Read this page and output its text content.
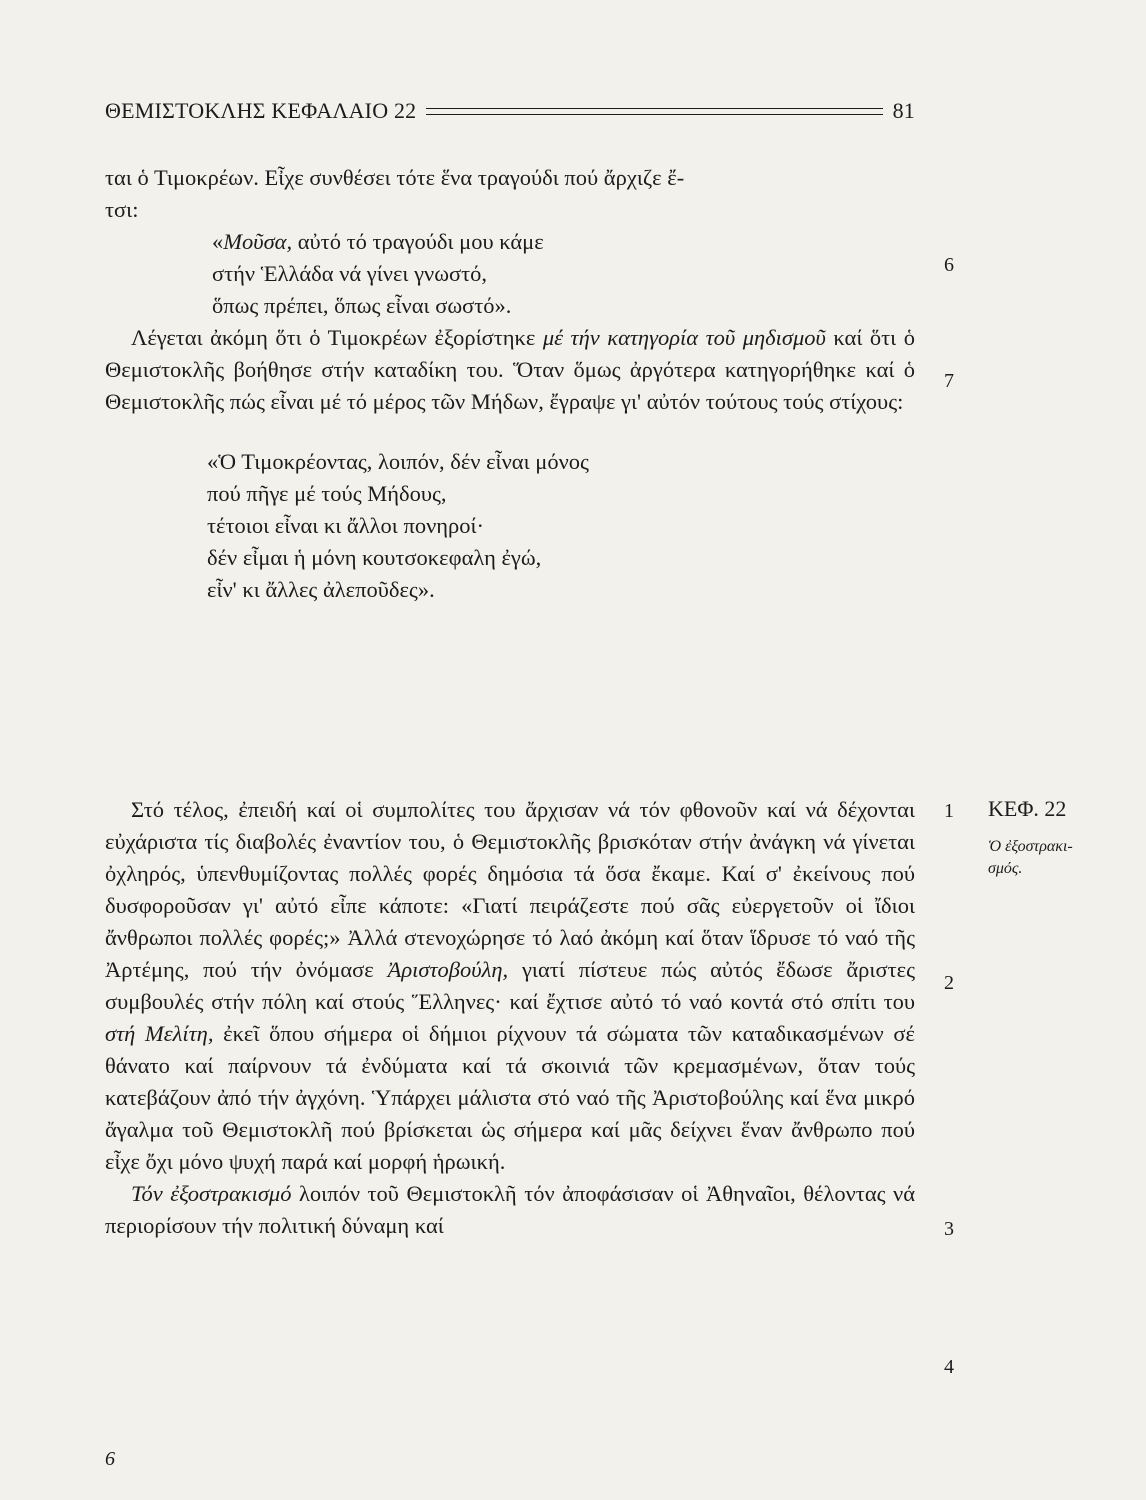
ΘΕΜΙΣΤΟΚΛΗΣ ΚΕΦΑΛΑΙΟ 22	81

ται ὁ Τιμοκρέων. Εἶχε συνθέσει τότε ἕνα τραγούδι πού ἄρχιζε ἔ-
τσι:

«Μοῦσα, αὐτό τό τραγούδι μου κάμε
στήν Ἑλλάδα νά γίνει γνωστό,
ὅπως πρέπει, ὅπως εἶναι σωστό».

Λέγεται ἀκόμη ὅτι ὁ Τιμοκρέων ἐξορίστηκε μέ τήν κατηγορία τοῦ μηδισμοῦ καί ὅτι ὁ Θεμιστοκλῆς βοήθησε στήν καταδίκη του. Ὅταν ὅμως ἀργότερα κατηγορήθηκε καί ὁ Θεμιστοκλῆς πώς εἶναι μέ τό μέρος τῶν Μήδων, ἔγραψε γι' αὐτόν τούτους τούς στίχους:

«Ὁ Τιμοκρέοντας, λοιπόν, δέν εἶναι μόνος
πού πῆγε μέ τούς Μήδους,
τέτοιοι εἶναι κι ἄλλοι πονηροί·
δέν εἶμαι ἡ μόνη κουτσοκεφαλη ἐγώ,
εἶν' κι ἄλλες ἀλεποῦδες».

Στό τέλος, ἐπειδή καί οἱ συμπολίτες του ἄρχισαν νά τόν φθονοῦν καί νά δέχονται εὐχάριστα τίς διαβολές ἐναντίον του, ὁ Θεμιστοκλῆς βρισκόταν στήν ἀνάγκη νά γίνεται ὀχληρός, ὑπενθυμίζοντας πολλές φορές δημόσια τά ὅσα ἔκαμε. Καί σ' ἐκείνους πού δυσφοροῦσαν γι' αὐτό εἶπε κάποτε: «Γιατί πειράζεστε πού σᾶς εὐεργετοῦν οἱ ἴδιοι ἄνθρωποι πολλές φορές;» Ἀλλά στενοχώρησε τό λαό ἀκόμη καί ὅταν ἵδρυσε τό ναό τῆς Ἀρτέμης, πού τήν ὀνόμασε Ἀριστοβούλη, γιατί πίστευε πώς αὐτός ἔδωσε ἄριστες συμβουλές στήν πόλη καί στούς Ἕλληνες· καί ἔχτισε αὐτό τό ναό κοντά στό σπίτι του στή Μελίτη, ἐκεῖ ὅπου σήμερα οἱ δήμιοι ρίχνουν τά σώματα τῶν καταδικασμένων σέ θάνατο καί παίρνουν τά ἐνδύματα καί τά σκοινιά τῶν κρεμασμένων, ὅταν τούς κατεβάζουν ἀπό τήν ἀγχόνη. Ὑπάρχει μάλιστα στό ναό τῆς Ἀριστοβούλης καί ἕνα μικρό ἄγαλμα τοῦ Θεμιστοκλῆ πού βρίσκεται ὡς σήμερα καί μᾶς δείχνει ἕναν ἄνθρωπο πού εἶχε ὄχι μόνο ψυχή παρά καί μορφή ἡρωική.

Τόν ἐξοστρακισμό λοιπόν τοῦ Θεμιστοκλῆ τόν ἀποφάσισαν οἱ Ἀθηναῖοι, θέλοντας νά περιορίσουν τήν πολιτική δύναμη καί

6
7
1
2
3
4
ΚΕΦ. 22
Ὁ ἐξοστρακι-
σμός.
6
